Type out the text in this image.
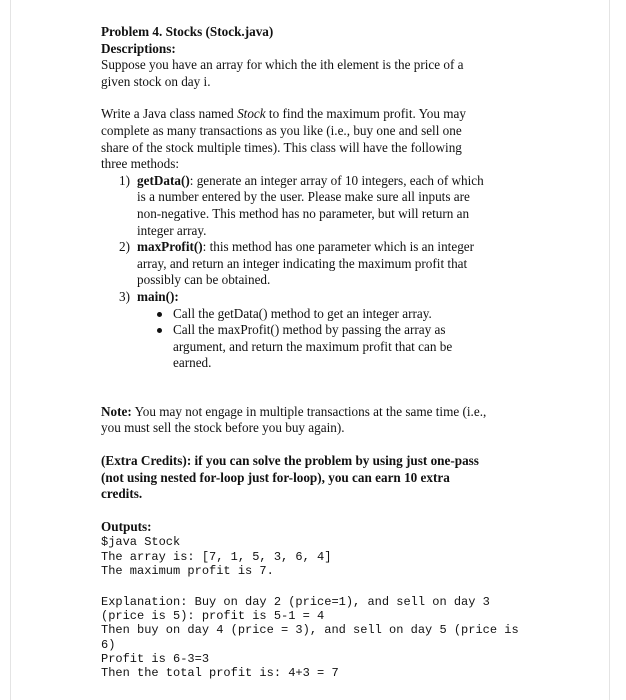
Problem 4. Stocks (Stock.java)

Descriptions:

Suppose you have an array for which the ith element is the price of a

given stock on day i.

Write a Java class named Stock to find the maximum profit. You may

complete as many transactions as you like (i.e., buy one and sell one

share of the stock multiple times). This class will have the following

three methods:

1) getData(): generate an integer array of 10 integers, each of which
is a number entered by the user. Please make sure all inputs are
non-negative. This method has no parameter, but will return an
integer array.
2) maxProfit(): this method has one parameter which is an integer
array, and return an integer indicating the maximum profit that
possibly can be obtained.
3) main():
Call the getData() method to get an integer array.
Call the maxProfit() method by passing the array as
argument, and return the maximum profit that can be
earned.

Note: You may not engage in multiple transactions at the same time (i.e.,

you must sell the stock before you buy again).

(Extra Credits): if you can solve the problem by using just one-pass

(not using nested for-loop just for-loop), you can earn 10 extra

credits.

Outputs:

$java Stock
The array is: [7, 1, 5, 3, 6, 4]
The maximum profit is 7.
Explanation: Buy on day 2 (price=1), and sell on day 3
(price is 5): profit is 5-1 = 4
Then buy on day 4 (price = 3), and sell on day 5 (price is
6)
Profit is 6-3=3
Then the total profit is: 4+3 = 7
